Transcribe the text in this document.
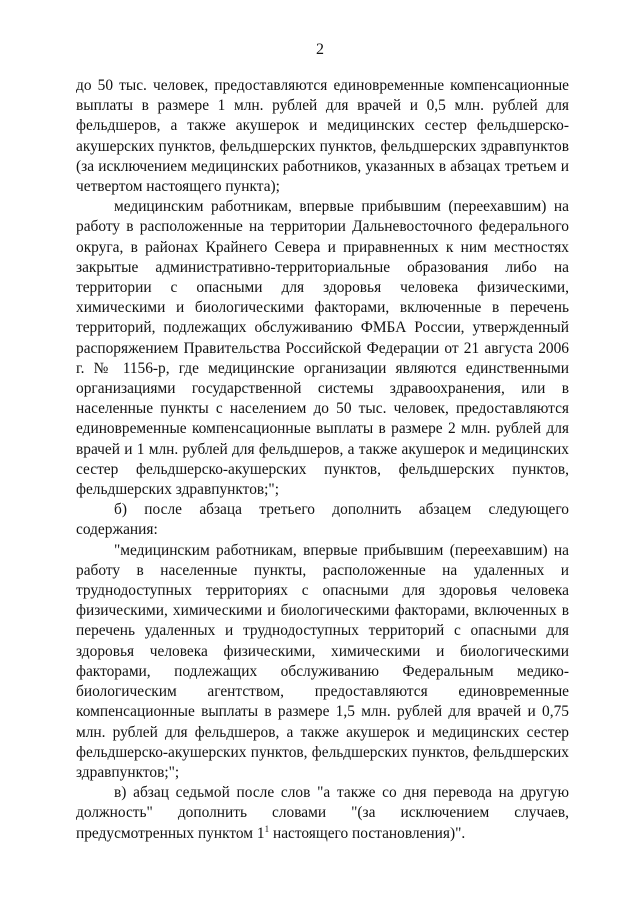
2

до 50 тыс. человек, предоставляются единовременные компенсационные выплаты в размере 1 млн. рублей для врачей и 0,5 млн. рублей для фельдшеров, а также акушерок и медицинских сестер фельдшерско-акушерских пунктов, фельдшерских пунктов, фельдшерских здравпунктов (за исключением медицинских работников, указанных в абзацах третьем и четвертом настоящего пункта);

медицинским работникам, впервые прибывшим (переехавшим) на работу в расположенные на территории Дальневосточного федерального округа, в районах Крайнего Севера и приравненных к ним местностях закрытые административно-территориальные образования либо на территории с опасными для здоровья человека физическими, химическими и биологическими факторами, включенные в перечень территорий, подлежащих обслуживанию ФМБА России, утвержденный распоряжением Правительства Российской Федерации от 21 августа 2006 г. № 1156-р, где медицинские организации являются единственными организациями государственной системы здравоохранения, или в населенные пункты с населением до 50 тыс. человек, предоставляются единовременные компенсационные выплаты в размере 2 млн. рублей для врачей и 1 млн. рублей для фельдшеров, а также акушерок и медицинских сестер фельдшерско-акушерских пунктов, фельдшерских пунктов, фельдшерских здравпунктов;";

б) после абзаца третьего дополнить абзацем следующего содержания:

"медицинским работникам, впервые прибывшим (переехавшим) на работу в населенные пункты, расположенные на удаленных и труднодоступных территориях с опасными для здоровья человека физическими, химическими и биологическими факторами, включенных в перечень удаленных и труднодоступных территорий с опасными для здоровья человека физическими, химическими и биологическими факторами, подлежащих обслуживанию Федеральным медико-биологическим агентством, предоставляются единовременные компенсационные выплаты в размере 1,5 млн. рублей для врачей и 0,75 млн. рублей для фельдшеров, а также акушерок и медицинских сестер фельдшерско-акушерских пунктов, фельдшерских пунктов, фельдшерских здравпунктов;";

в) абзац седьмой после слов "а также со дня перевода на другую должность" дополнить словами "(за исключением случаев, предусмотренных пунктом $1^1$ настоящего постановления)".
